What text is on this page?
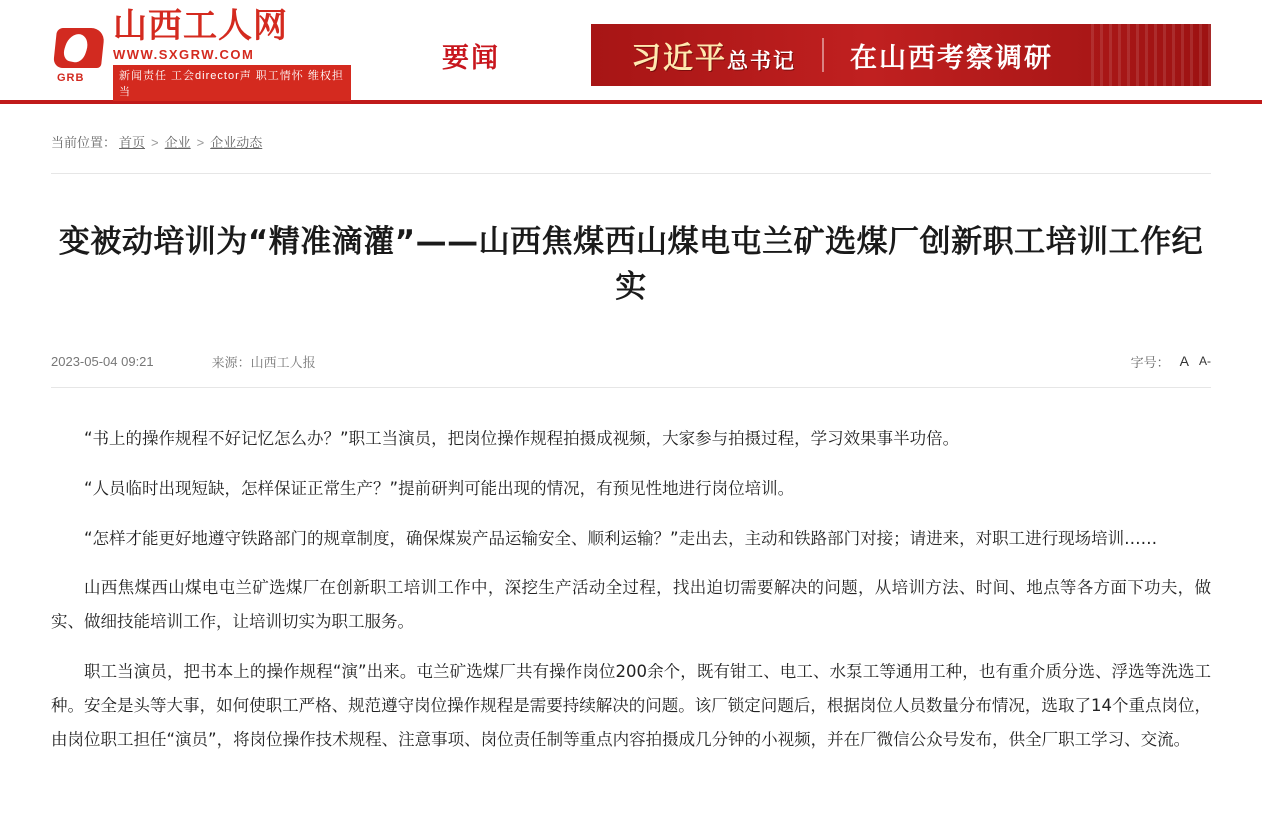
GRB
山西工人网
WWW.SXGRW.COM
新闻责任 工会director声 职工情怀 维权担当
要闻	习近平总书记 在山西考察调研
当前位置： 首页 > 企业 > 企业动态
变被动培训为“精准滴灌”——山西焦煤西山煤电屯兰矿选煤厂创新职工培训工作纪实
2023-05-04 09:21	来源：山西工人报	字号： A A-

“书上的操作规程不好记忆怎么办？”职工当演员，把岗位操作规程拍摄成视频，大家参与拍摄过程，学习效果事半功倍。

“人员临时出现短缺，怎样保证正常生产？”提前研判可能出现的情况，有预见性地进行岗位培训。

“怎样才能更好地遵守铁路部门的规章制度，确保煤炭产品运输安全、顺利运输？”走出去，主动和铁路部门对接；请进来，对职工进行现场培训……

山西焦煤西山煤电屯兰矿选煤厂在创新职工培训工作中，深挖生产活动全过程，找出迫切需要解决的问题，从培训方法、时间、地点等各方面下功夫，做实、做细技能培训工作，让培训切实为职工服务。

职工当演员，把书本上的操作规程“演”出来。屯兰矿选煤厂共有操作岗位200余个，既有钳工、电工、水泵工等通用工种，也有重介质分选、浮选等洗选工种。安全是头等大事，如何使职工严格、规范遵守岗位操作规程是需要持续解决的问题。该厂锁定问题后，根据岗位人员数量分布情况，选取了14个重点岗位，由岗位职工担任“演员”，将岗位操作技术规程、注意事项、岗位责任制等重点内容拍摄成几分钟的小视频，并在厂微信公众号发布，供全厂职工学习、交流。
